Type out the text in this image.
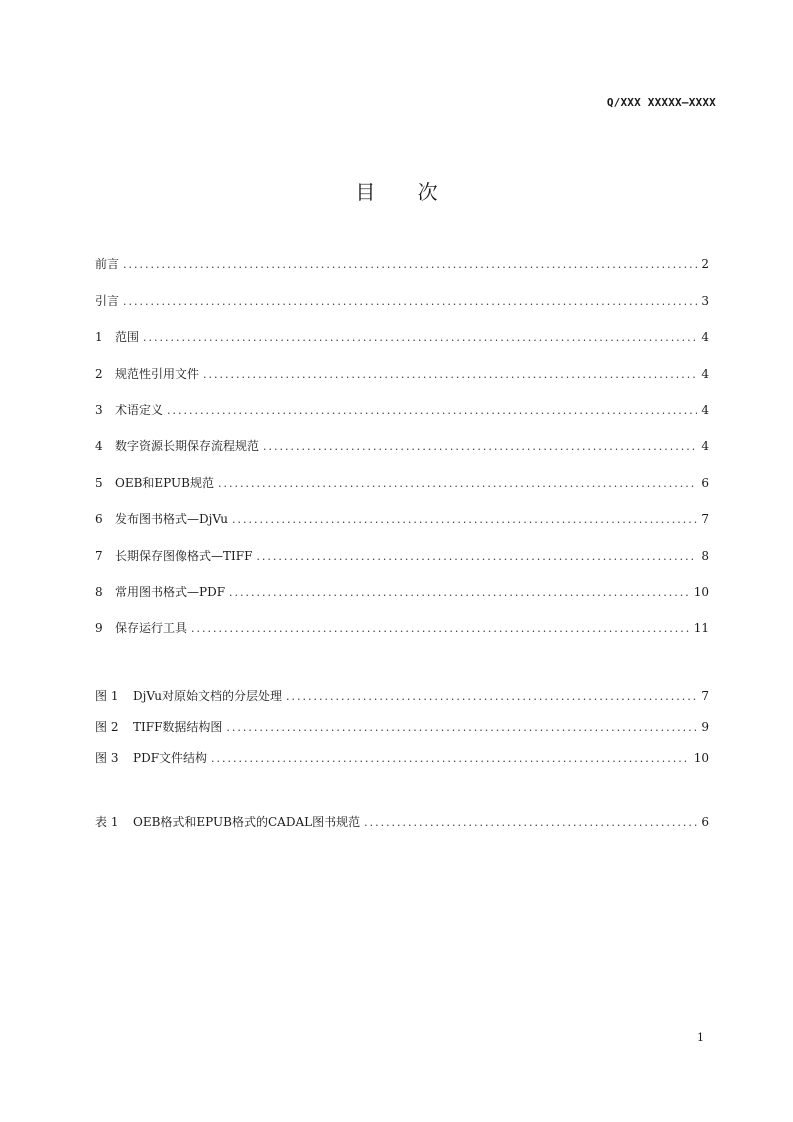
Q/XXX XXXXX—XXXX
目 次
前言 .....	2
引言 .....	3
1	范围 .....	4
2	规范性引用文件 .....	4
3	术语定义 .....	4
4	数字资源长期保存流程规范 .....	4
5	OEB和EPUB规范 .....	6
6	发布图书格式—DjVu .....	7
7	长期保存图像格式—TIFF .....	8
8	常用图书格式—PDF .....	10
9	保存运行工具 .....	11
图 1	DjVu对原始文档的分层处理 .....	7
图 2	TIFF数据结构图 .....	9
图 3	PDF文件结构 .....	10
表 1	OEB格式和EPUB格式的CADAL图书规范 .....	6
1
